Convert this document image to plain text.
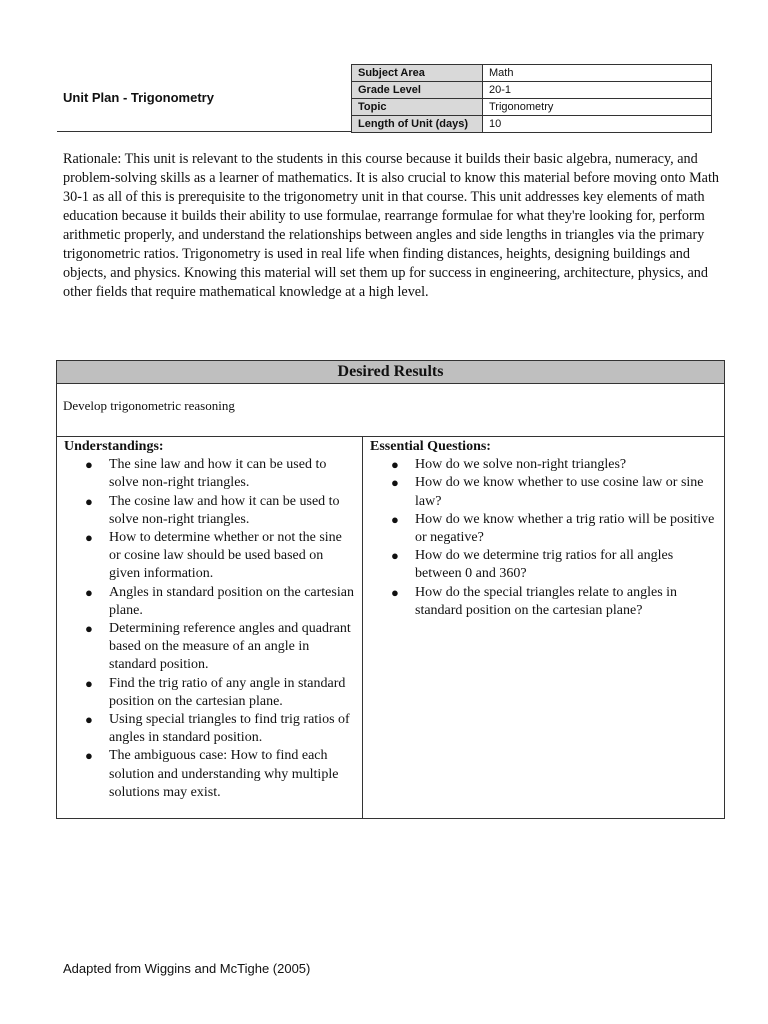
Unit Plan - Trigonometry
Subject Area	Math
Grade Level	20-1
Topic	Trigonometry
Length of Unit (days)	10

Rationale: This unit is relevant to the students in this course because it builds their basic algebra, numeracy, and problem-solving skills as a learner of mathematics. It is also crucial to know this material before moving onto Math 30-1 as all of this is prerequisite to the trigonometry unit in that course. This unit addresses key elements of math education because it builds their ability to use formulae, rearrange formulae for what they're looking for, perform arithmetic properly, and understand the relationships between angles and side lengths in triangles via the primary trigonometric ratios. Trigonometry is used in real life when finding distances, heights, designing buildings and objects, and physics. Knowing this material will set them up for success in engineering, architecture, physics, and other fields that require mathematical knowledge at a high level.

Desired Results
Develop trigonometric reasoning
Understandings:
● The sine law and how it can be used to solve non-right triangles.
● The cosine law and how it can be used to solve non-right triangles.
● How to determine whether or not the sine or cosine law should be used based on given information.
● Angles in standard position on the cartesian plane.
● Determining reference angles and quadrant based on the measure of an angle in standard position.
● Find the trig ratio of any angle in standard position on the cartesian plane.
● Using special triangles to find trig ratios of angles in standard position.
● The ambiguous case: How to find each solution and understanding why multiple solutions may exist.
Essential Questions:
● How do we solve non-right triangles?
● How do we know whether to use cosine law or sine law?
● How do we know whether a trig ratio will be positive or negative?
● How do we determine trig ratios for all angles between 0 and 360?
● How do the special triangles relate to angles in standard position on the cartesian plane?
Adapted from Wiggins and McTighe (2005)
